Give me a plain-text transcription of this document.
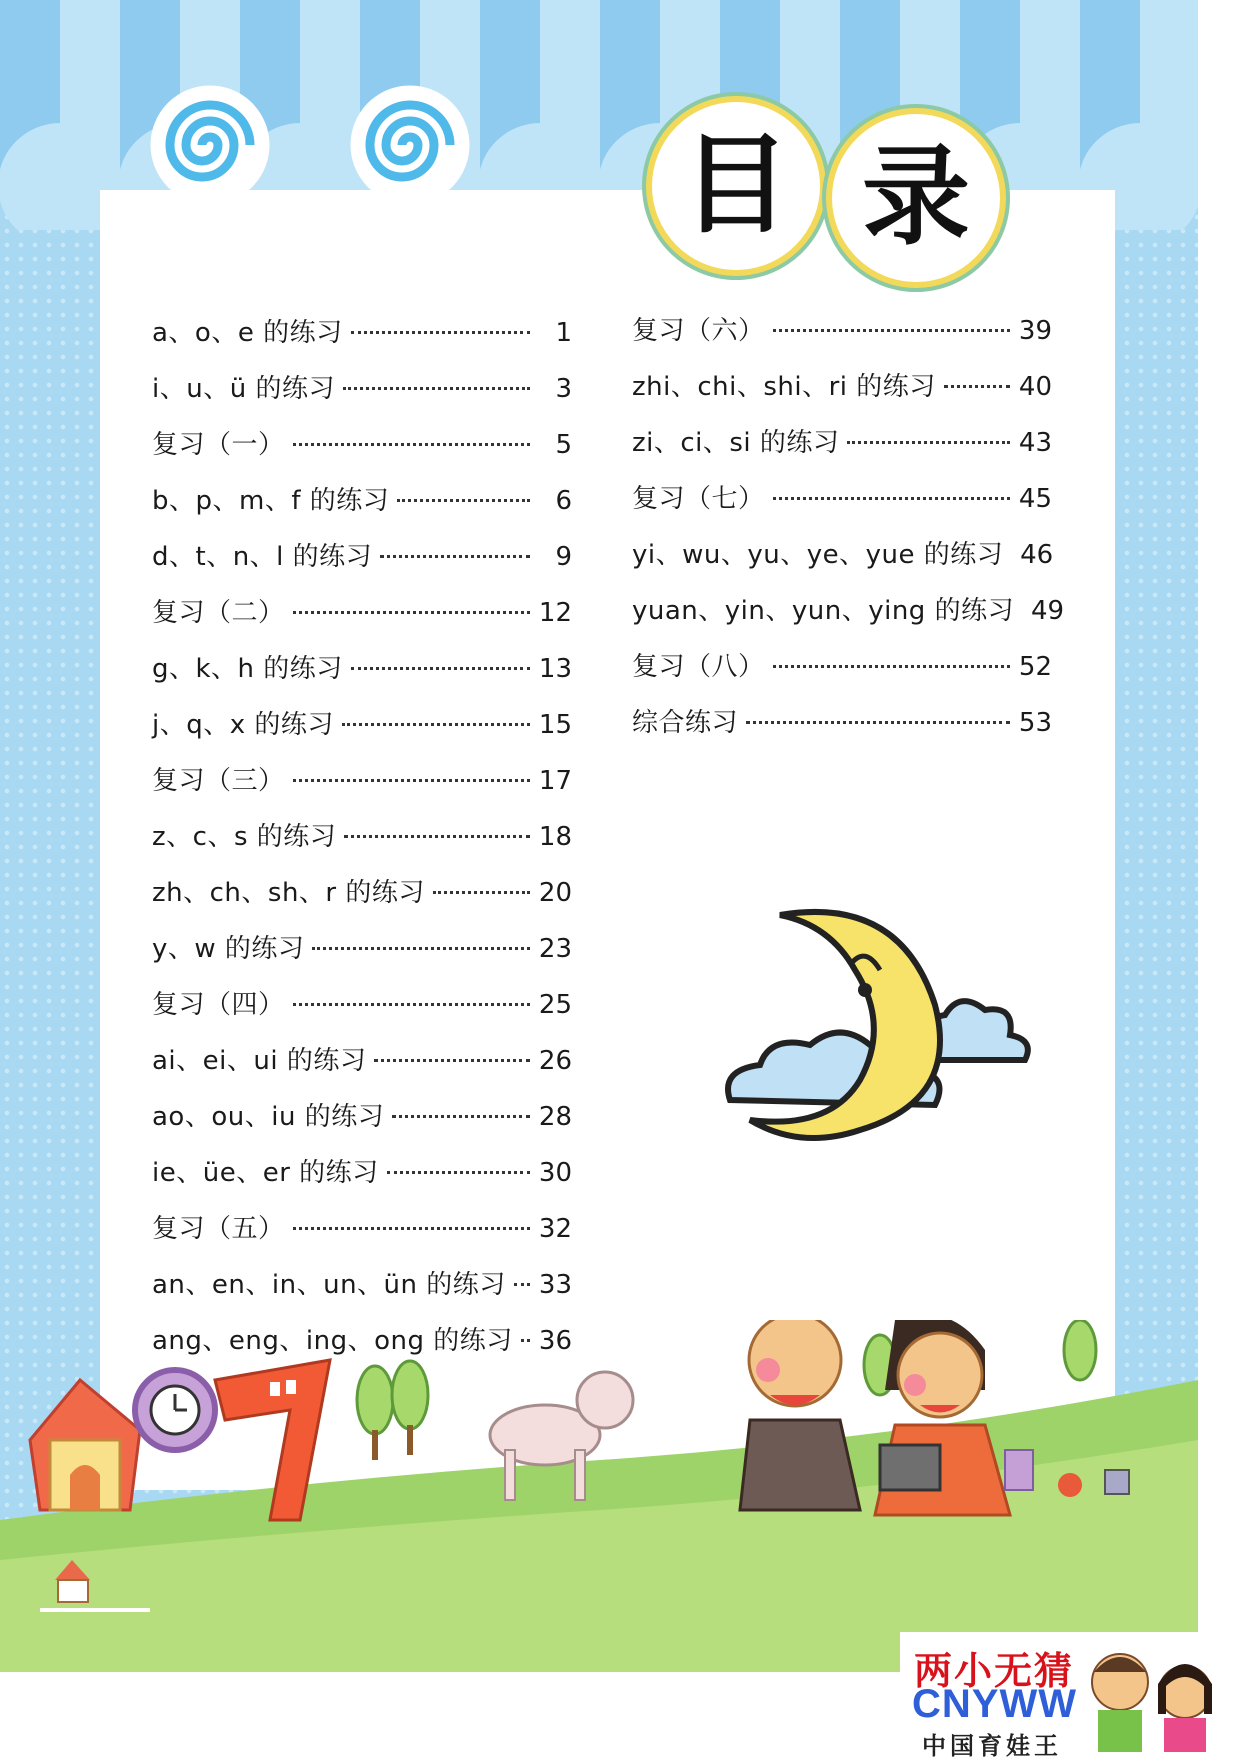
目 录
a、o、e 的练习	1
i、u、ü 的练习	3
复习（一）	5
b、p、m、f 的练习	6
d、t、n、l 的练习	9
复习（二）	12
g、k、h 的练习	13
j、q、x 的练习	15
复习（三）	17
z、c、s 的练习	18
zh、ch、sh、r 的练习	20
y、w 的练习	23
复习（四）	25
ai、ei、ui 的练习	26
ao、ou、iu 的练习	28
ie、üe、er 的练习	30
复习（五）	32
an、en、in、un、ün 的练习 33
ang、eng、ing、ong 的练习 36
复习（六）	39
zhi、chi、shi、ri 的练习	40
zi、ci、si 的练习	43
复习（七）	45
yi、wu、yu、ye、yue 的练习 46
yuan、yin、yun、ying 的练习 49
复习（八）	52
综合练习	53
两小无猜
CNYWW
中国育娃王
